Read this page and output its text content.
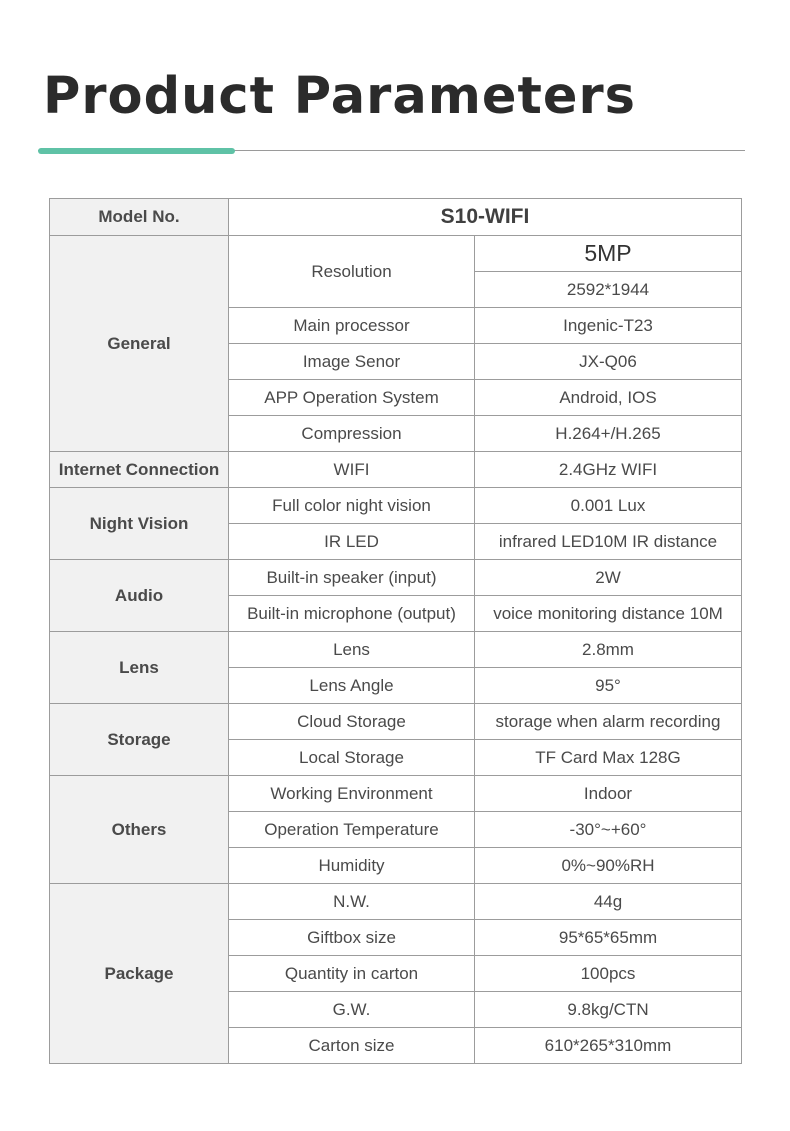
Product Parameters
Model No.	S10-WIFI	
General	Resolution	5MP
		2592*1944
	Main processor	Ingenic-T23
	Image Senor	JX-Q06
	APP Operation System	Android, IOS
	Compression	H.264+/H.265
Internet Connection	WIFI	2.4GHz WIFI
Night Vision	Full color night vision	0.001 Lux
	IR LED	infrared LED10M IR distance
Audio	Built-in speaker (input)	2W
	Built-in microphone (output)	voice monitoring distance 10M
Lens	Lens	2.8mm
	Lens Angle	95°
Storage	Cloud Storage	storage when alarm recording
	Local Storage	TF Card Max 128G
Others	Working Environment	Indoor
	Operation Temperature	-30°~+60°
	Humidity	0%~90%RH
Package	N.W.	44g
	Giftbox size	95*65*65mm
	Quantity in carton	100pcs
	G.W.	9.8kg/CTN
	Carton size	610*265*310mm
